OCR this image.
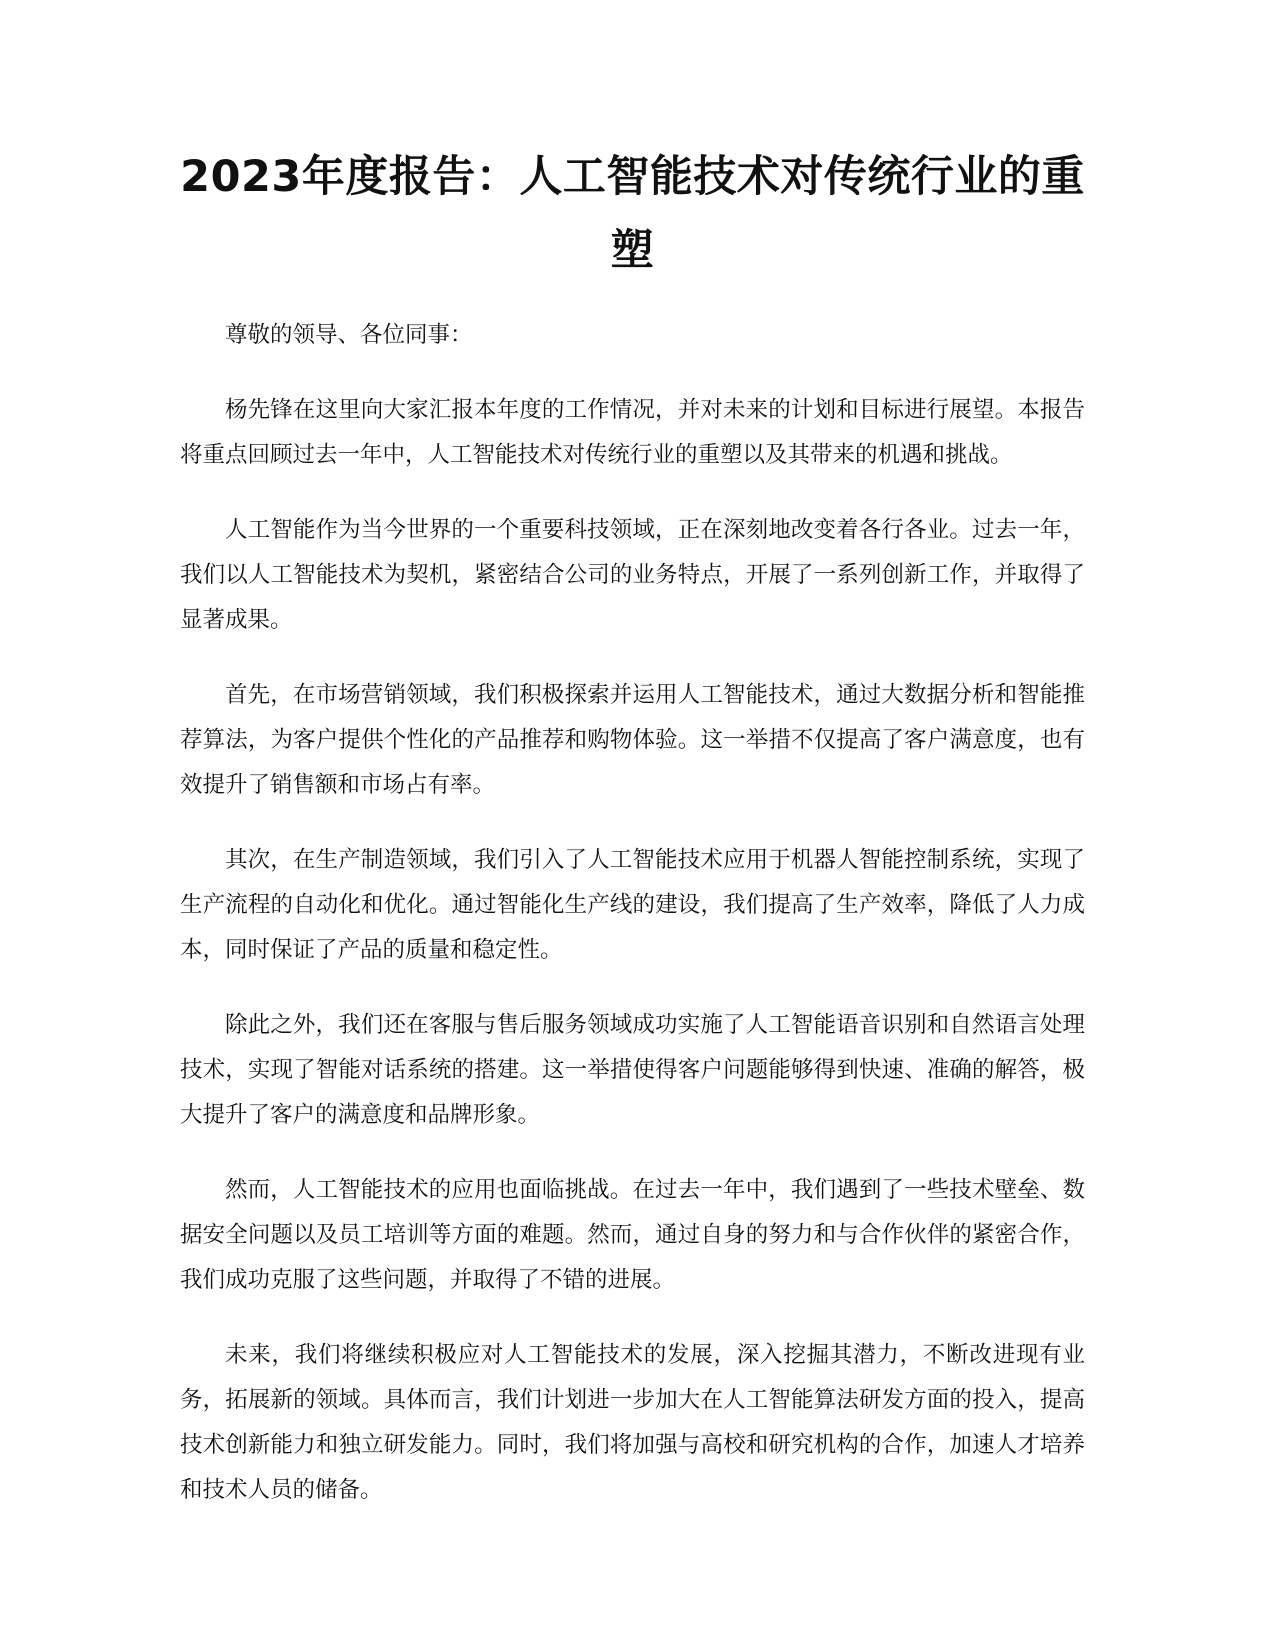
2023年度报告：人工智能技术对传统行业的重塑

尊敬的领导、各位同事：

杨先锋在这里向大家汇报本年度的工作情况，并对未来的计划和目标进行展望。本报告将重点回顾过去一年中，人工智能技术对传统行业的重塑以及其带来的机遇和挑战。

人工智能作为当今世界的一个重要科技领域，正在深刻地改变着各行各业。过去一年，我们以人工智能技术为契机，紧密结合公司的业务特点，开展了一系列创新工作，并取得了显著成果。

首先，在市场营销领域，我们积极探索并运用人工智能技术，通过大数据分析和智能推荐算法，为客户提供个性化的产品推荐和购物体验。这一举措不仅提高了客户满意度，也有效提升了销售额和市场占有率。

其次，在生产制造领域，我们引入了人工智能技术应用于机器人智能控制系统，实现了生产流程的自动化和优化。通过智能化生产线的建设，我们提高了生产效率，降低了人力成本，同时保证了产品的质量和稳定性。

除此之外，我们还在客服与售后服务领域成功实施了人工智能语音识别和自然语言处理技术，实现了智能对话系统的搭建。这一举措使得客户问题能够得到快速、准确的解答，极大提升了客户的满意度和品牌形象。

然而，人工智能技术的应用也面临挑战。在过去一年中，我们遇到了一些技术壁垒、数据安全问题以及员工培训等方面的难题。然而，通过自身的努力和与合作伙伴的紧密合作，我们成功克服了这些问题，并取得了不错的进展。

未来，我们将继续积极应对人工智能技术的发展，深入挖掘其潜力，不断改进现有业务，拓展新的领域。具体而言，我们计划进一步加大在人工智能算法研发方面的投入，提高技术创新能力和独立研发能力。同时，我们将加强与高校和研究机构的合作，加速人才培养和技术人员的储备。
